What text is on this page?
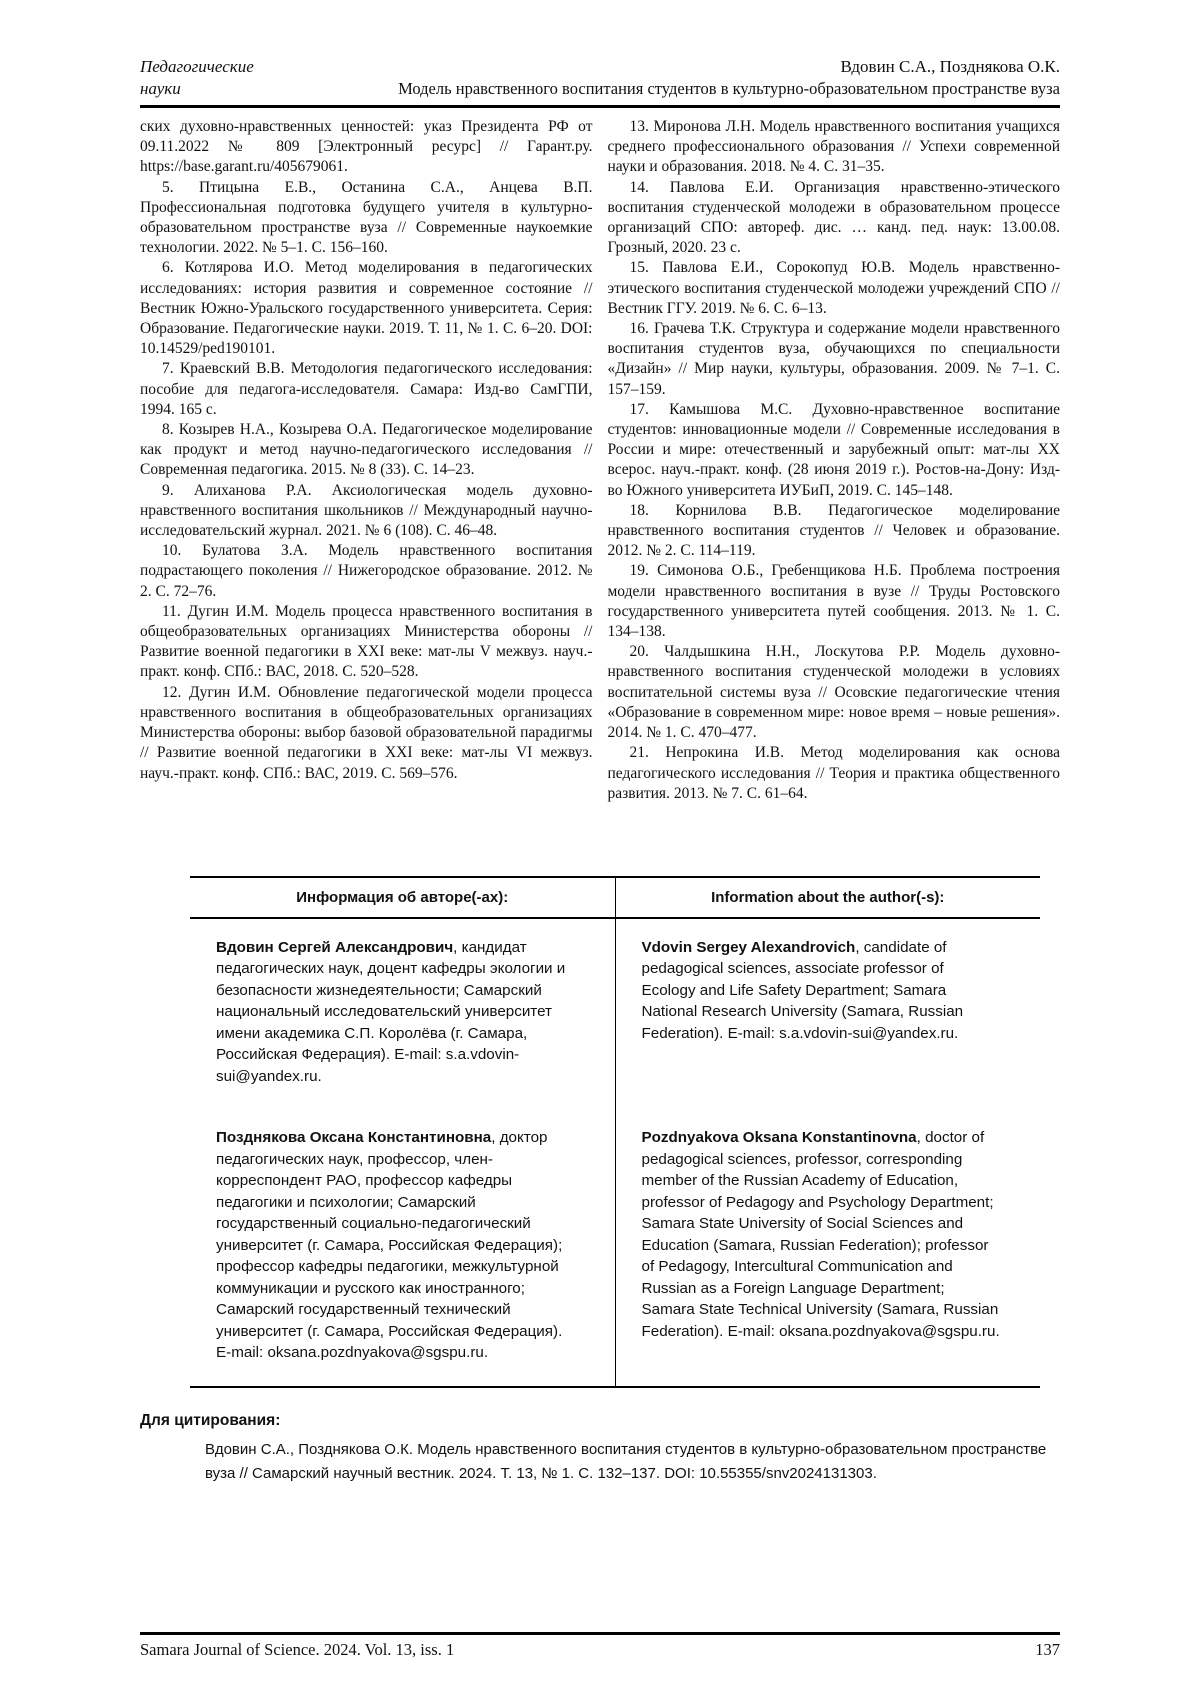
Педагогические	Вдовин С.А., Позднякова О.К.
науки	Модель нравственного воспитания студентов в культурно-образовательном пространстве вуза

ских духовно-нравственных ценностей: указ Президента РФ от 09.11.2022 № 809 [Электронный ресурс] // Гарант.ру. https://base.garant.ru/405679061.

5. Птицына Е.В., Останина С.А., Анцева В.П. Профессиональная подготовка будущего учителя в культурно-образовательном пространстве вуза // Современные наукоемкие технологии. 2022. № 5–1. С. 156–160.

6. Котлярова И.О. Метод моделирования в педагогических исследованиях: история развития и современное состояние // Вестник Южно-Уральского государственного университета. Серия: Образование. Педагогические науки. 2019. Т. 11, № 1. С. 6–20. DOI: 10.14529/ped190101.

7. Краевский В.В. Методология педагогического исследования: пособие для педагога-исследователя. Самара: Изд-во СамГПИ, 1994. 165 с.

8. Козырев Н.А., Козырева О.А. Педагогическое моделирование как продукт и метод научно-педагогического исследования // Современная педагогика. 2015. № 8 (33). С. 14–23.

9. Алиханова Р.А. Аксиологическая модель духовно-нравственного воспитания школьников // Международный научно-исследовательский журнал. 2021. № 6 (108). С. 46–48.

10. Булатова З.А. Модель нравственного воспитания подрастающего поколения // Нижегородское образование. 2012. № 2. С. 72–76.

11. Дугин И.М. Модель процесса нравственного воспитания в общеобразовательных организациях Министерства обороны // Развитие военной педагогики в XXI веке: мат-лы V межвуз. науч.-практ. конф. СПб.: ВАС, 2018. С. 520–528.

12. Дугин И.М. Обновление педагогической модели процесса нравственного воспитания в общеобразовательных организациях Министерства обороны: выбор базовой образовательной парадигмы // Развитие военной педагогики в XXI веке: мат-лы VI межвуз. науч.-практ. конф. СПб.: ВАС, 2019. С. 569–576.

13. Миронова Л.Н. Модель нравственного воспитания учащихся среднего профессионального образования // Успехи современной науки и образования. 2018. № 4. С. 31–35.

14. Павлова Е.И. Организация нравственно-этического воспитания студенческой молодежи в образовательном процессе организаций СПО: автореф. дис. … канд. пед. наук: 13.00.08. Грозный, 2020. 23 с.

15. Павлова Е.И., Сорокопуд Ю.В. Модель нравственно-этического воспитания студенческой молодежи учреждений СПО // Вестник ГГУ. 2019. № 6. С. 6–13.

16. Грачева Т.К. Структура и содержание модели нравственного воспитания студентов вуза, обучающихся по специальности «Дизайн» // Мир науки, культуры, образования. 2009. № 7–1. С. 157–159.

17. Камышова М.С. Духовно-нравственное воспитание студентов: инновационные модели // Современные исследования в России и мире: отечественный и зарубежный опыт: мат-лы XX всерос. науч.-практ. конф. (28 июня 2019 г.). Ростов-на-Дону: Изд-во Южного университета ИУБиП, 2019. С. 145–148.

18. Корнилова В.В. Педагогическое моделирование нравственного воспитания студентов // Человек и образование. 2012. № 2. С. 114–119.

19. Симонова О.Б., Гребенщикова Н.Б. Проблема построения модели нравственного воспитания в вузе // Труды Ростовского государственного университета путей сообщения. 2013. № 1. С. 134–138.

20. Чалдышкина Н.Н., Лоскутова Р.Р. Модель духовно-нравственного воспитания студенческой молодежи в условиях воспитательной системы вуза // Осовские педагогические чтения «Образование в современном мире: новое время – новые решения». 2014. № 1. С. 470–477.

21. Непрокина И.В. Метод моделирования как основа педагогического исследования // Теория и практика общественного развития. 2013. № 7. С. 61–64.

Информация об авторе(-ах):	Information about the author(-s):
Вдовин Сергей Александрович, кандидат педагогических наук, доцент кафедры экологии и безопасности жизнедеятельности; Самарский национальный исследовательский университет имени академика С.П. Королёва (г. Самара, Российская Федерация). E-mail: s.a.vdovin-sui@yandex.ru.	Vdovin Sergey Alexandrovich, candidate of pedagogical sciences, associate professor of Ecology and Life Safety Department; Samara National Research University (Samara, Russian Federation). E-mail: s.a.vdovin-sui@yandex.ru.
Позднякова Оксана Константиновна, доктор педагогических наук, профессор, член-корреспондент РАО, профессор кафедры педагогики и психологии; Самарский государственный социально-педагогический университет (г. Самара, Российская Федерация); профессор кафедры педагогики, межкультурной коммуникации и русского как иностранного; Самарский государственный технический университет (г. Самара, Российская Федерация). E-mail: oksana.pozdnyakova@sgspu.ru.	Pozdnyakova Oksana Konstantinovna, doctor of pedagogical sciences, professor, corresponding member of the Russian Academy of Education, professor of Pedagogy and Psychology Department; Samara State University of Social Sciences and Education (Samara, Russian Federation); professor of Pedagogy, Intercultural Communication and Russian as a Foreign Language Department; Samara State Technical University (Samara, Russian Federation). E-mail: oksana.pozdnyakova@sgspu.ru.
Для цитирования:

Вдовин С.А., Позднякова О.К. Модель нравственного воспитания студентов в культурно-образовательном пространстве вуза // Самарский научный вестник. 2024. Т. 13, № 1. С. 132–137. DOI: 10.55355/snv2024131303.

Samara Journal of Science. 2024. Vol. 13, iss. 1	137
